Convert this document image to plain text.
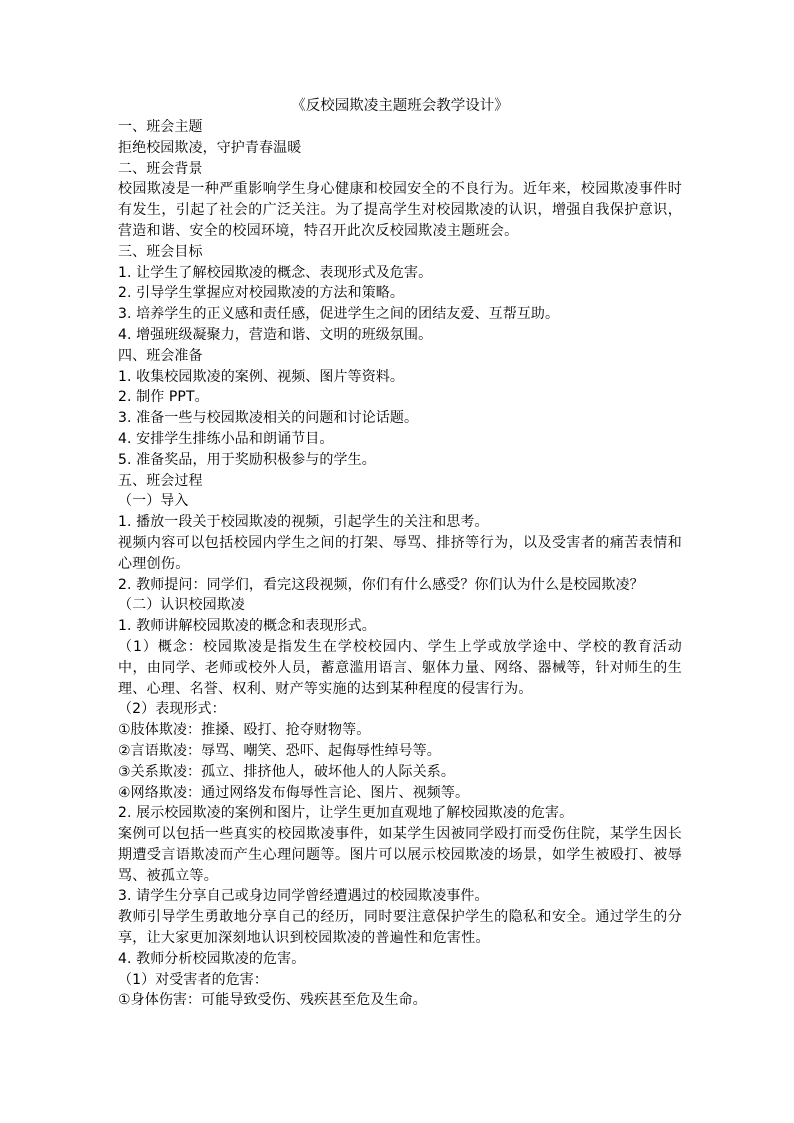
《反校园欺凌主题班会教学设计》
一、班会主题
拒绝校园欺凌，守护青春温暖
二、班会背景
校园欺凌是一种严重影响学生身心健康和校园安全的不良行为。近年来，校园欺凌事件时有发生，引起了社会的广泛关注。为了提高学生对校园欺凌的认识，增强自我保护意识，营造和谐、安全的校园环境，特召开此次反校园欺凌主题班会。
三、班会目标
1. 让学生了解校园欺凌的概念、表现形式及危害。
2. 引导学生掌握应对校园欺凌的方法和策略。
3. 培养学生的正义感和责任感，促进学生之间的团结友爱、互帮互助。
4. 增强班级凝聚力，营造和谐、文明的班级氛围。
四、班会准备
1. 收集校园欺凌的案例、视频、图片等资料。
2. 制作 PPT。
3. 准备一些与校园欺凌相关的问题和讨论话题。
4. 安排学生排练小品和朗诵节目。
5. 准备奖品，用于奖励积极参与的学生。
五、班会过程
（一）导入
1. 播放一段关于校园欺凌的视频，引起学生的关注和思考。
视频内容可以包括校园内学生之间的打架、辱骂、排挤等行为，以及受害者的痛苦表情和心理创伤。
2. 教师提问：同学们，看完这段视频，你们有什么感受？你们认为什么是校园欺凌？
（二）认识校园欺凌
1. 教师讲解校园欺凌的概念和表现形式。
（1）概念：校园欺凌是指发生在学校校园内、学生上学或放学途中、学校的教育活动中，由同学、老师或校外人员，蓄意滥用语言、躯体力量、网络、器械等，针对师生的生理、心理、名誉、权利、财产等实施的达到某种程度的侵害行为。
（2）表现形式：
①肢体欺凌：推搡、殴打、抢夺财物等。
②言语欺凌：辱骂、嘲笑、恐吓、起侮辱性绰号等。
③关系欺凌：孤立、排挤他人，破坏他人的人际关系。
④网络欺凌：通过网络发布侮辱性言论、图片、视频等。
2. 展示校园欺凌的案例和图片，让学生更加直观地了解校园欺凌的危害。
案例可以包括一些真实的校园欺凌事件，如某学生因被同学殴打而受伤住院，某学生因长期遭受言语欺凌而产生心理问题等。图片可以展示校园欺凌的场景，如学生被殴打、被辱骂、被孤立等。
3. 请学生分享自己或身边同学曾经遭遇过的校园欺凌事件。
教师引导学生勇敢地分享自己的经历，同时要注意保护学生的隐私和安全。通过学生的分享，让大家更加深刻地认识到校园欺凌的普遍性和危害性。
4. 教师分析校园欺凌的危害。
（1）对受害者的危害：
①身体伤害：可能导致受伤、残疾甚至危及生命。
